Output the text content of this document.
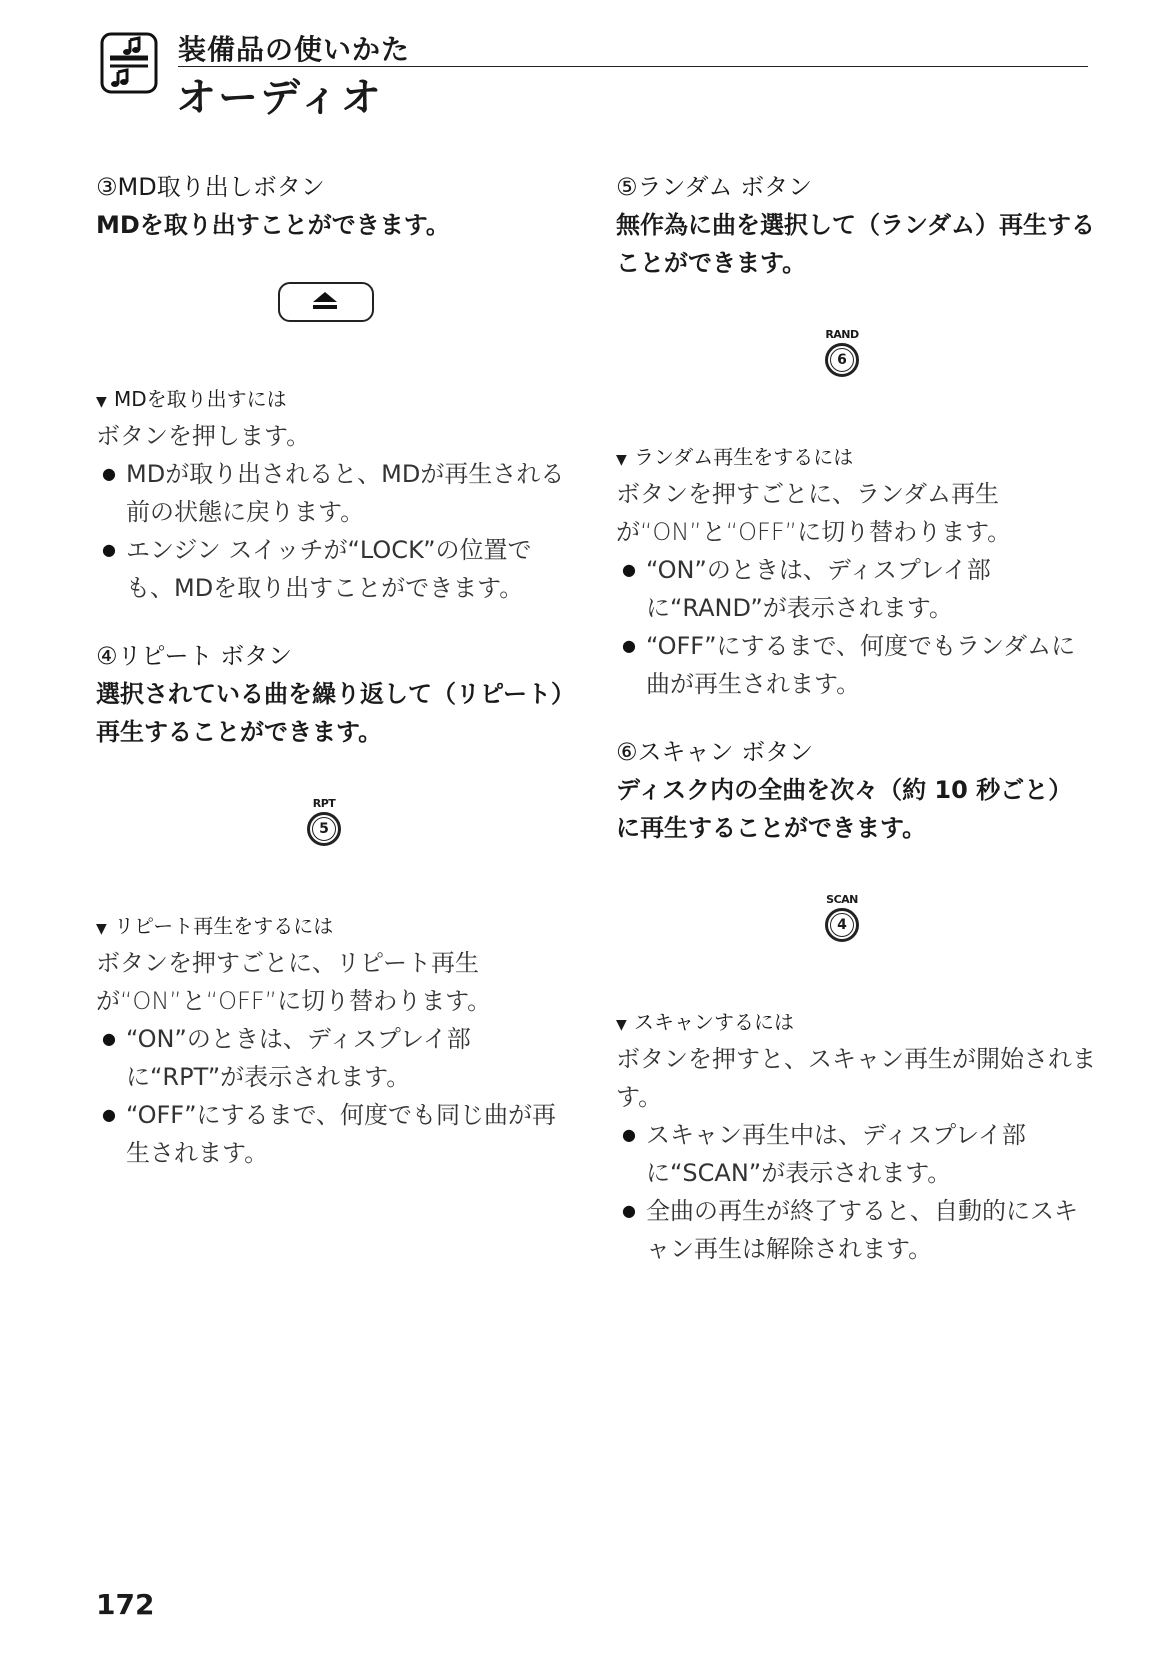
装備品の使いかた
オーディオ
③MD取り出しボタン

MDを取り出すことができます。

▼ MDを取り出すには

ボタンを押します。

● MDが取り出されると、MDが再生される前の状態に戻ります。

● エンジン スイッチが“LOCK”の位置でも、MDを取り出すことができます。

④リピート ボタン

選択されている曲を繰り返して（リピート）再生することができます。

RPT
5

▼ リピート再生をするには

ボタンを押すごとに、リピート再生が“ON”と“OFF”に切り替わります。

● “ON”のときは、ディスプレイ部に“RPT”が表示されます。

● “OFF”にするまで、何度でも同じ曲が再生されます。

⑤ランダム ボタン

無作為に曲を選択して（ランダム）再生することができます。

RAND
6

▼ ランダム再生をするには

ボタンを押すごとに、ランダム再生が“ON”と“OFF”に切り替わります。

● “ON”のときは、ディスプレイ部に“RAND”が表示されます。

● “OFF”にするまで、何度でもランダムに曲が再生されます。

⑥スキャン ボタン

ディスク内の全曲を次々（約 10 秒ごと）に再生することができます。

SCAN
4

▼ スキャンするには

ボタンを押すと、スキャン再生が開始されます。

● スキャン再生中は、ディスプレイ部に“SCAN”が表示されます。

● 全曲の再生が終了すると、自動的にスキャン再生は解除されます。

172
